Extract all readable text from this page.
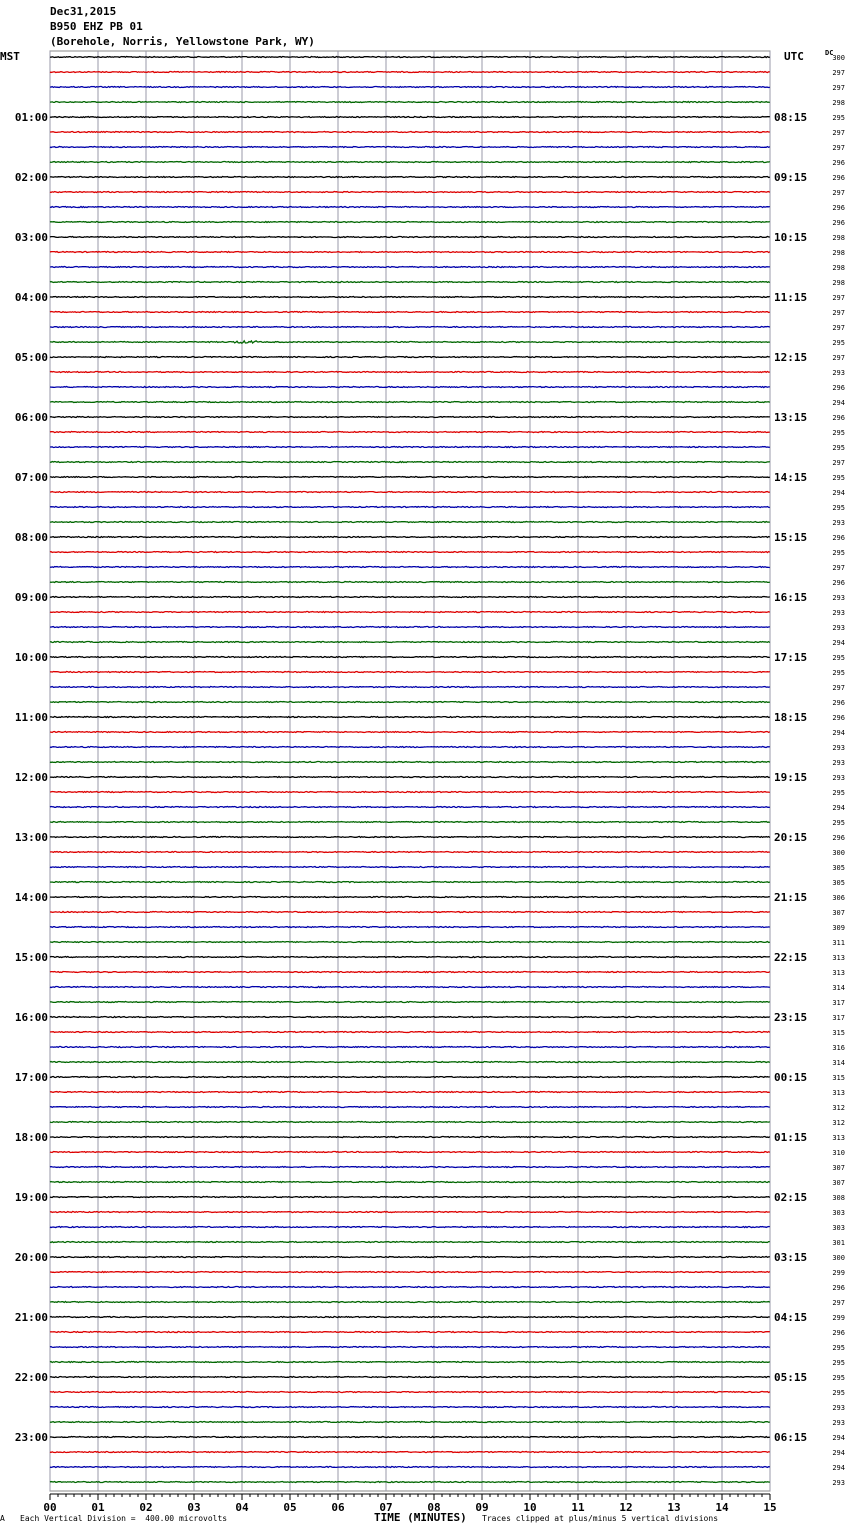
Dec31,2015
B950 EHZ PB 01
(Borehole, Norris, Yellowstone Park, WY)
MST	UTC	DC
300
297
297
298
295
297
297
296
296
297
296
296
298
298
298
298
297
297
297
295
297
293
296
294
296
295
295
297
295
294
295
293
296
295
297
296
293
293
293
294
295
295
297
296
296
294
293
293
293
295
294
295
296
300
305
305
306
307
309
311
313
313
314
317
317
315
316
314
315
313
312
312
313
310
307
307
308
303
303
301
300
299
296
297
299
296
295
295
295
295
293
293
294
294
294
293
01:00	08:15
02:00	09:15
03:00	10:15
04:00	11:15
05:00	12:15
06:00	13:15
07:00	14:15
08:00	15:15
09:00	16:15
10:00	17:15
11:00	18:15
12:00	19:15
13:00	20:15
14:00	21:15
15:00	22:15
16:00	23:15
17:00	00:15
18:00	01:15
19:00	02:15
20:00	03:15
21:00	04:15
22:00	05:15
23:00	06:15
00	01	02	03	04	05	06	07	08	09	10	11	12	13	14	15
A Each Vertical Division =  400.00 microvolts	TIME (MINUTES) Traces clipped at plus/minus 5 vertical divisions
